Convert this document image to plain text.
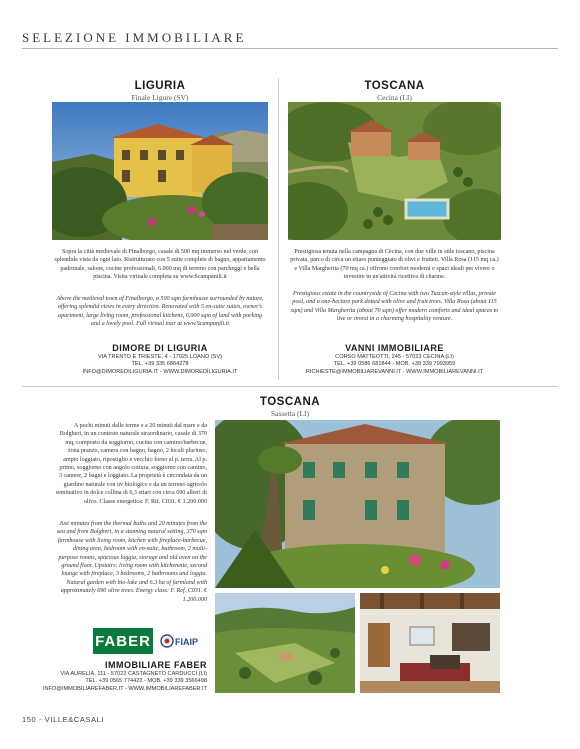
SELEZIONE IMMOBILIARE
LIGURIA
Finale Ligure (SV)
Sopra la città medievale di Finalborgo, casale di 500 mq immerso nel verde, con splendida vista da ogni lato. Ristrutturato con 5 suite complete di bagno, appartamento padronale, salone, cucine professionali, 6.000 mq di terreno con parcheggi e bella piscina. Visita virtuale completa su www.Scampanili.it
Above the medieval town of Finalborgo, a 500 sqm farmhouse surrounded by nature, offering splendid views in every direction. Renovated with 5 en-suite suites, owner's apartment, large living room, professional kitchens, 6,000 sqm of land with parking and a lovely pool. Full virtual tour at www.Scampanili.it
DIMORE DI LIGURIA
VIA TRENTO E TRIESTE, 4 - 17025 LOANO (SV)
TEL. +39 335 6864278
INFO@DIMOREDILIGURIA.IT - WWW.DIMOREDILIGURIA.IT
TOSCANA
Cecina (LI)
Prestigiosa tenuta nella campagna di Cecina, con due ville in stile toscano, piscina privata, parco di circa un ettaro punteggiato di olivi e frutteti. Villa Rosa (115 mq ca.) e Villa Margherita (70 mq ca.) offrono comfort moderni e spazi ideali per vivere o investire in un'attività ricettiva di charme.
Prestigious estate in the countryside of Cecina with two Tuscan-style villas, private pool, and a one-hectare park dotted with olive and fruit trees. Villa Rosa (about 115 sqm) and Villa Margherita (about 70 sqm) offer modern comforts and ideal spaces to live or invest in a charming hospitality venture.
VANNI IMMOBILIARE
CORSO MATTEOTTI, 245 - 57023 CECINA (LI)
TEL. +39 0586 681844 - MOB. +39 339 7993959
RICHIESTE@IMMOBILIAREVANNI.IT - WWW.IMMOBILIAREVANNI.IT
TOSCANA
Sassetta (LI)
A pochi minuti dalle terme e a 20 minuti dal mare e da Bolgheri, in un contesto naturale straordinario, casale di 370 mq, composto da soggiorno, cucina con camino/barbecue, zona pranzo, camera con bagno, bagno, 2 locali pluriuso, ampio loggiato, ripostiglio e vecchio forno al p. terra. Al p. primo, soggiorno con angolo cottura, soggiorno con camino, 3 camere, 2 bagni e loggiato. La proprietà è circondata da un giardino naturale con uv biologico e da un terreno agricolo seminativo in dolce collina di 6,3 ettari con circa 690 alberi di olivo. Classe energetica: F. Rif. C031. € 1.200.000
Just minutes from the thermal baths and 20 minutes from the sea and from Bolgheri, in a stunning natural setting, 370 sqm farmhouse with living room, kitchen with fireplace-barbecue, dining area, bedroom with en-suite, bathroom, 2 multi-purpose rooms, spacious loggia, storage and old oven on the ground floor. Upstairs: living room with kitchenette, second lounge with fireplace, 3 bedrooms, 2 bathrooms and loggia. Natural garden with bio-lake and 6.3 ha of farmland with approximately 690 olive trees. Energy class: F. Ref. C031. € 1.200.000
FABER	FIAIP
IMMOBILIARE FABER
VIA AURELIA, 111 - 57022 CASTAGNETO CARDUCCI (LI)
TEL. +39 0565 774422 - MOB. +39 339 3566498
INFO@IMMOBILIAREFABER.IT - WWW.IMMOBILIAREFABER.IT
150 - VILLE&CASALI
